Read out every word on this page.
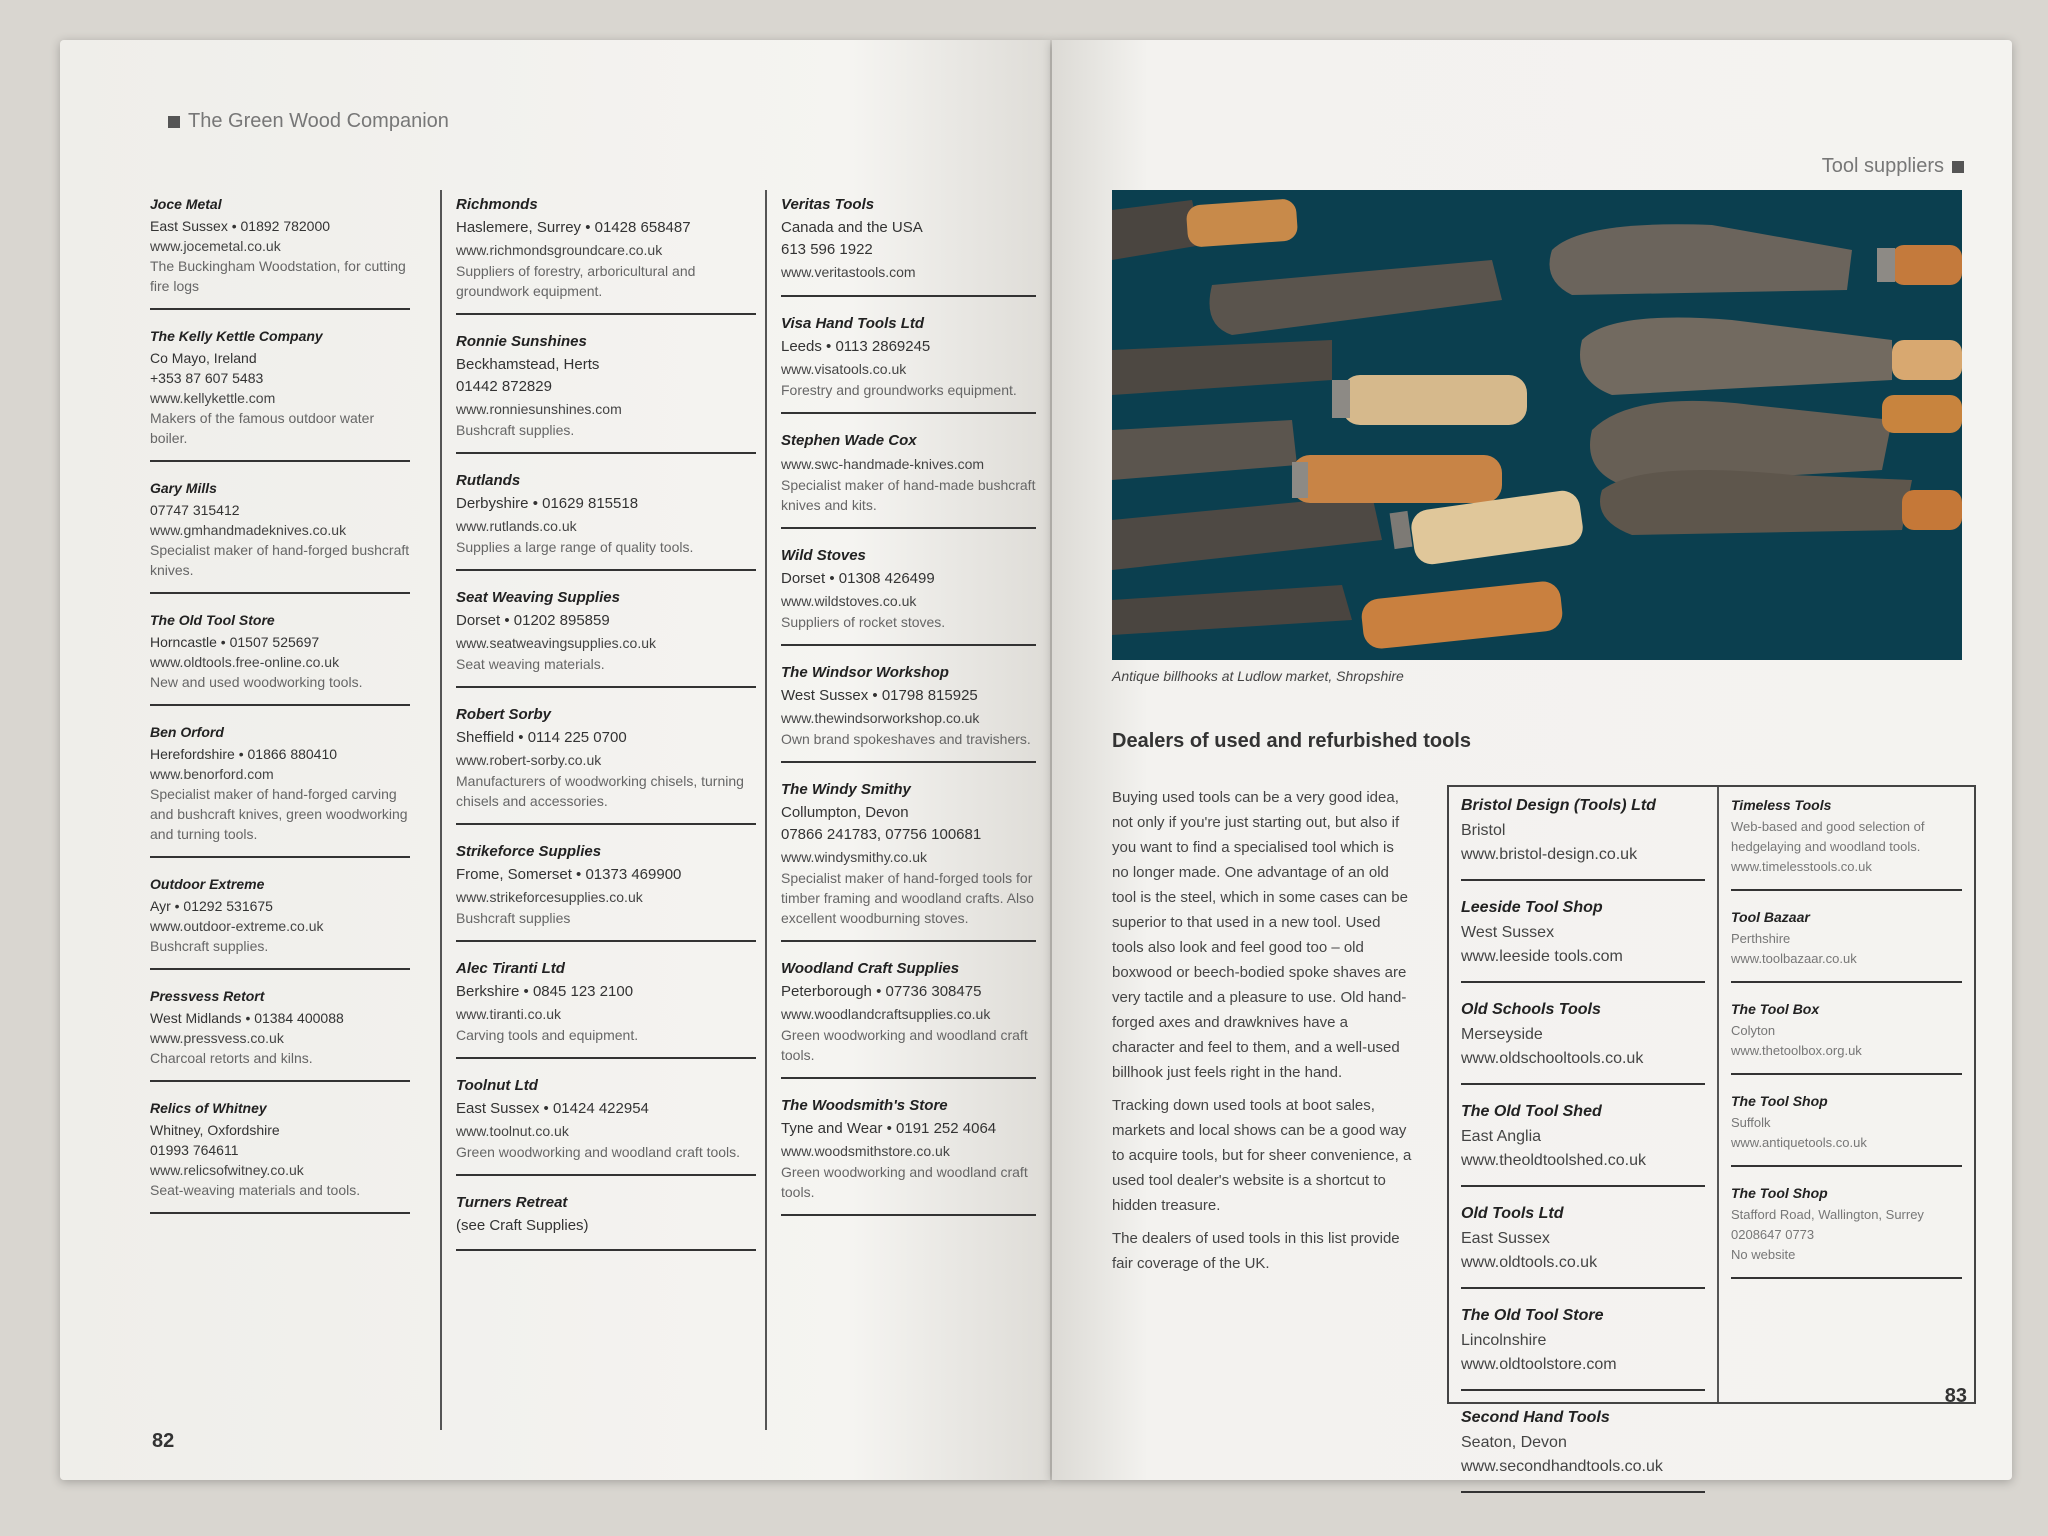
The Green Wood Companion
Joce Metal
East Sussex • 01892 782000
www.jocemetal.co.uk
The Buckingham Woodstation, for cutting fire logs
The Kelly Kettle Company
Co Mayo, Ireland
+353 87 607 5483
www.kellykettle.com
Makers of the famous outdoor water boiler.
Gary Mills
07747 315412
www.gmhandmadeknives.co.uk
Specialist maker of hand-forged bushcraft knives.
The Old Tool Store
Horncastle • 01507 525697
www.oldtools.free-online.co.uk
New and used woodworking tools.
Ben Orford
Herefordshire • 01866 880410
www.benorford.com
Specialist maker of hand-forged carving and bushcraft knives, green woodworking and turning tools.
Outdoor Extreme
Ayr • 01292 531675
www.outdoor-extreme.co.uk
Bushcraft supplies.
Pressvess Retort
West Midlands • 01384 400088
www.pressvess.co.uk
Charcoal retorts and kilns.
Relics of Whitney
Whitney, Oxfordshire
01993 764611
www.relicsofwitney.co.uk
Seat-weaving materials and tools.
Richmonds
Haslemere, Surrey • 01428 658487
www.richmondsgroundcare.co.uk
Suppliers of forestry, arboricultural and groundwork equipment.
Ronnie Sunshines
Beckhamstead, Herts
01442 872829
www.ronniesunshines.com
Bushcraft supplies.
Rutlands
Derbyshire • 01629 815518
www.rutlands.co.uk
Supplies a large range of quality tools.
Seat Weaving Supplies
Dorset • 01202 895859
www.seatweavingsupplies.co.uk
Seat weaving materials.
Robert Sorby
Sheffield • 0114 225 0700
www.robert-sorby.co.uk
Manufacturers of woodworking chisels, turning chisels and accessories.
Strikeforce Supplies
Frome, Somerset • 01373 469900
www.strikeforcesupplies.co.uk
Bushcraft supplies
Alec Tiranti Ltd
Berkshire • 0845 123 2100
www.tiranti.co.uk
Carving tools and equipment.
Toolnut Ltd
East Sussex • 01424 422954
www.toolnut.co.uk
Green woodworking and woodland craft tools.
Turners Retreat
(see Craft Supplies)
Veritas Tools
Canada and the USA
613 596 1922
www.veritastools.com
Visa Hand Tools Ltd
Leeds • 0113 2869245
www.visatools.co.uk
Forestry and groundworks equipment.
Stephen Wade Cox
www.swc-handmade-knives.com
Specialist maker of hand-made bushcraft knives and kits.
Wild Stoves
Dorset • 01308 426499
www.wildstoves.co.uk
Suppliers of rocket stoves.
The Windsor Workshop
West Sussex • 01798 815925
www.thewindsorworkshop.co.uk
Own brand spokeshaves and travishers.
The Windy Smithy
Collumpton, Devon
07866 241783, 07756 100681
www.windysmithy.co.uk
Specialist maker of hand-forged tools for timber framing and woodland crafts. Also excellent woodburning stoves.
Woodland Craft Supplies
Peterborough • 07736 308475
www.woodlandcraftsupplies.co.uk
Green woodworking and woodland craft tools.
The Woodsmith's Store
Tyne and Wear • 0191 252 4064
www.woodsmithstore.co.uk
Green woodworking and woodland craft tools.
82
Tool suppliers
Antique billhooks at Ludlow market, Shropshire
Dealers of used and refurbished tools

Buying used tools can be a very good idea, not only if you're just starting out, but also if you want to find a specialised tool which is no longer made. One advantage of an old tool is the steel, which in some cases can be superior to that used in a new tool. Used tools also look and feel good too – old boxwood or beech-bodied spoke shaves are very tactile and a pleasure to use. Old hand-forged axes and drawknives have a character and feel to them, and a well-used billhook just feels right in the hand.

Tracking down used tools at boot sales, markets and local shows can be a good way to acquire tools, but for sheer convenience, a used tool dealer's website is a shortcut to hidden treasure.

The dealers of used tools in this list provide fair coverage of the UK.

Bristol Design (Tools) Ltd
Bristol
www.bristol-design.co.uk
Leeside Tool Shop
West Sussex
www.leeside tools.com
Old Schools Tools
Merseyside
www.oldschooltools.co.uk
The Old Tool Shed
East Anglia
www.theoldtoolshed.co.uk
Old Tools Ltd
East Sussex
www.oldtools.co.uk
The Old Tool Store
Lincolnshire
www.oldtoolstore.com
Second Hand Tools
Seaton, Devon
www.secondhandtools.co.uk
Timeless Tools
Web-based and good selection of hedgelaying and woodland tools.
www.timelesstools.co.uk
Tool Bazaar
Perthshire
www.toolbazaar.co.uk
The Tool Box
Colyton
www.thetoolbox.org.uk
The Tool Shop
Suffolk
www.antiquetools.co.uk
The Tool Shop
Stafford Road, Wallington, Surrey
0208647 0773
No website
83
